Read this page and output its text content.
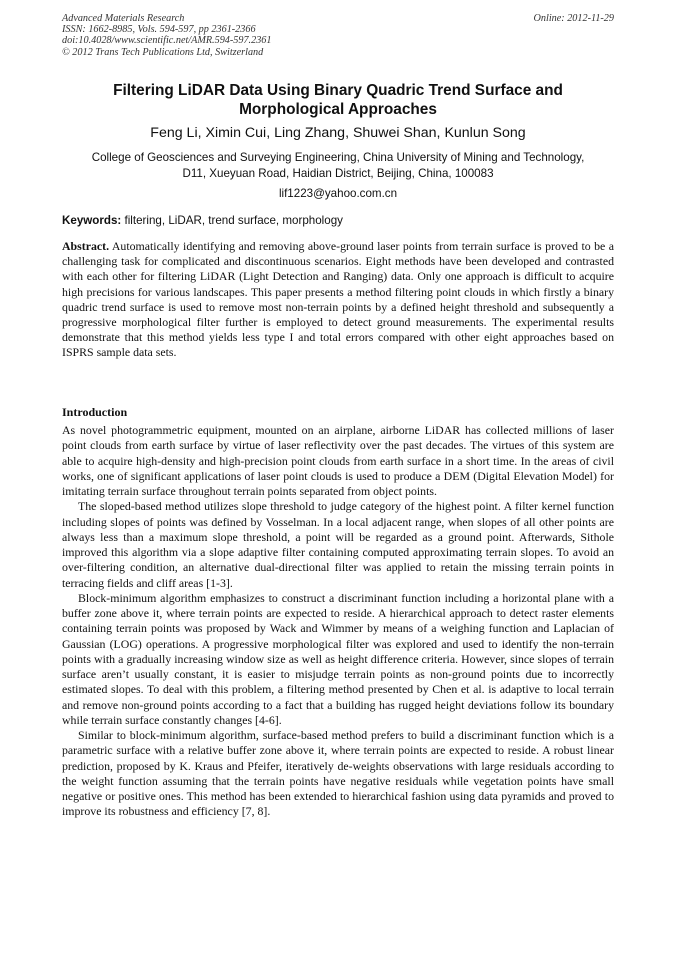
Advanced Materials Research
ISSN: 1662-8985, Vols. 594-597, pp 2361-2366
doi:10.4028/www.scientific.net/AMR.594-597.2361
© 2012 Trans Tech Publications Ltd, Switzerland
Online: 2012-11-29
Filtering LiDAR Data Using Binary Quadric Trend Surface and
Morphological Approaches
Feng Li, Ximin Cui, Ling Zhang, Shuwei Shan, Kunlun Song
College of Geosciences and Surveying Engineering, China University of Mining and Technology,
D11, Xueyuan Road, Haidian District, Beijing, China, 100083
lif1223@yahoo.com.cn
Keywords: filtering, LiDAR, trend surface, morphology

Abstract. Automatically identifying and removing above-ground laser points from terrain surface is proved to be a challenging task for complicated and discontinuous scenarios. Eight methods have been developed and contrasted with each other for filtering LiDAR (Light Detection and Ranging) data. Only one approach is difficult to acquire high precisions for various landscapes. This paper presents a method filtering point clouds in which firstly a binary quadric trend surface is used to remove most non-terrain points by a defined height threshold and subsequently a progressive morphological filter further is employed to detect ground measurements. The experimental results demonstrate that this method yields less type I and total errors compared with other eight approaches based on ISPRS sample data sets.

Introduction

As novel photogrammetric equipment, mounted on an airplane, airborne LiDAR has collected millions of laser point clouds from earth surface by virtue of laser reflectivity over the past decades. The virtues of this system are able to acquire high-density and high-precision point clouds from earth surface in a short time. In the areas of civil works, one of significant applications of laser point clouds is used to produce a DEM (Digital Elevation Model) for imitating terrain surface throughout terrain points separated from object points.

The sloped-based method utilizes slope threshold to judge category of the highest point. A filter kernel function including slopes of points was defined by Vosselman. In a local adjacent range, when slopes of all other points are always less than a maximum slope threshold, a point will be regarded as a ground point. Afterwards, Sithole improved this algorithm via a slope adaptive filter containing computed approximating terrain slopes. To avoid an over-filtering condition, an alternative dual-directional filter was applied to retain the missing terrain points in terracing fields and cliff areas [1-3].

Block-minimum algorithm emphasizes to construct a discriminant function including a horizontal plane with a buffer zone above it, where terrain points are expected to reside. A hierarchical approach to detect raster elements containing terrain points was proposed by Wack and Wimmer by means of a weighing function and Laplacian of Gaussian (LOG) operations. A progressive morphological filter was explored and used to identify the non-terrain points with a gradually increasing window size as well as height difference criteria. However, since slopes of terrain surface aren’t usually constant, it is easier to misjudge terrain points as non-ground points due to incorrectly estimated slopes. To deal with this problem, a filtering method presented by Chen et al. is adaptive to local terrain and remove non-ground points according to a fact that a building has rugged height deviations follow its boundary while terrain surface constantly changes [4-6].

Similar to block-minimum algorithm, surface-based method prefers to build a discriminant function which is a parametric surface with a relative buffer zone above it, where terrain points are expected to reside. A robust linear prediction, proposed by K. Kraus and Pfeifer, iteratively de-weights observations with large residuals according to the weight function assuming that the terrain points have negative residuals while vegetation points have small negative or positive ones. This method has been extended to hierarchical fashion using data pyramids and proved to improve its robustness and efficiency [7, 8].
